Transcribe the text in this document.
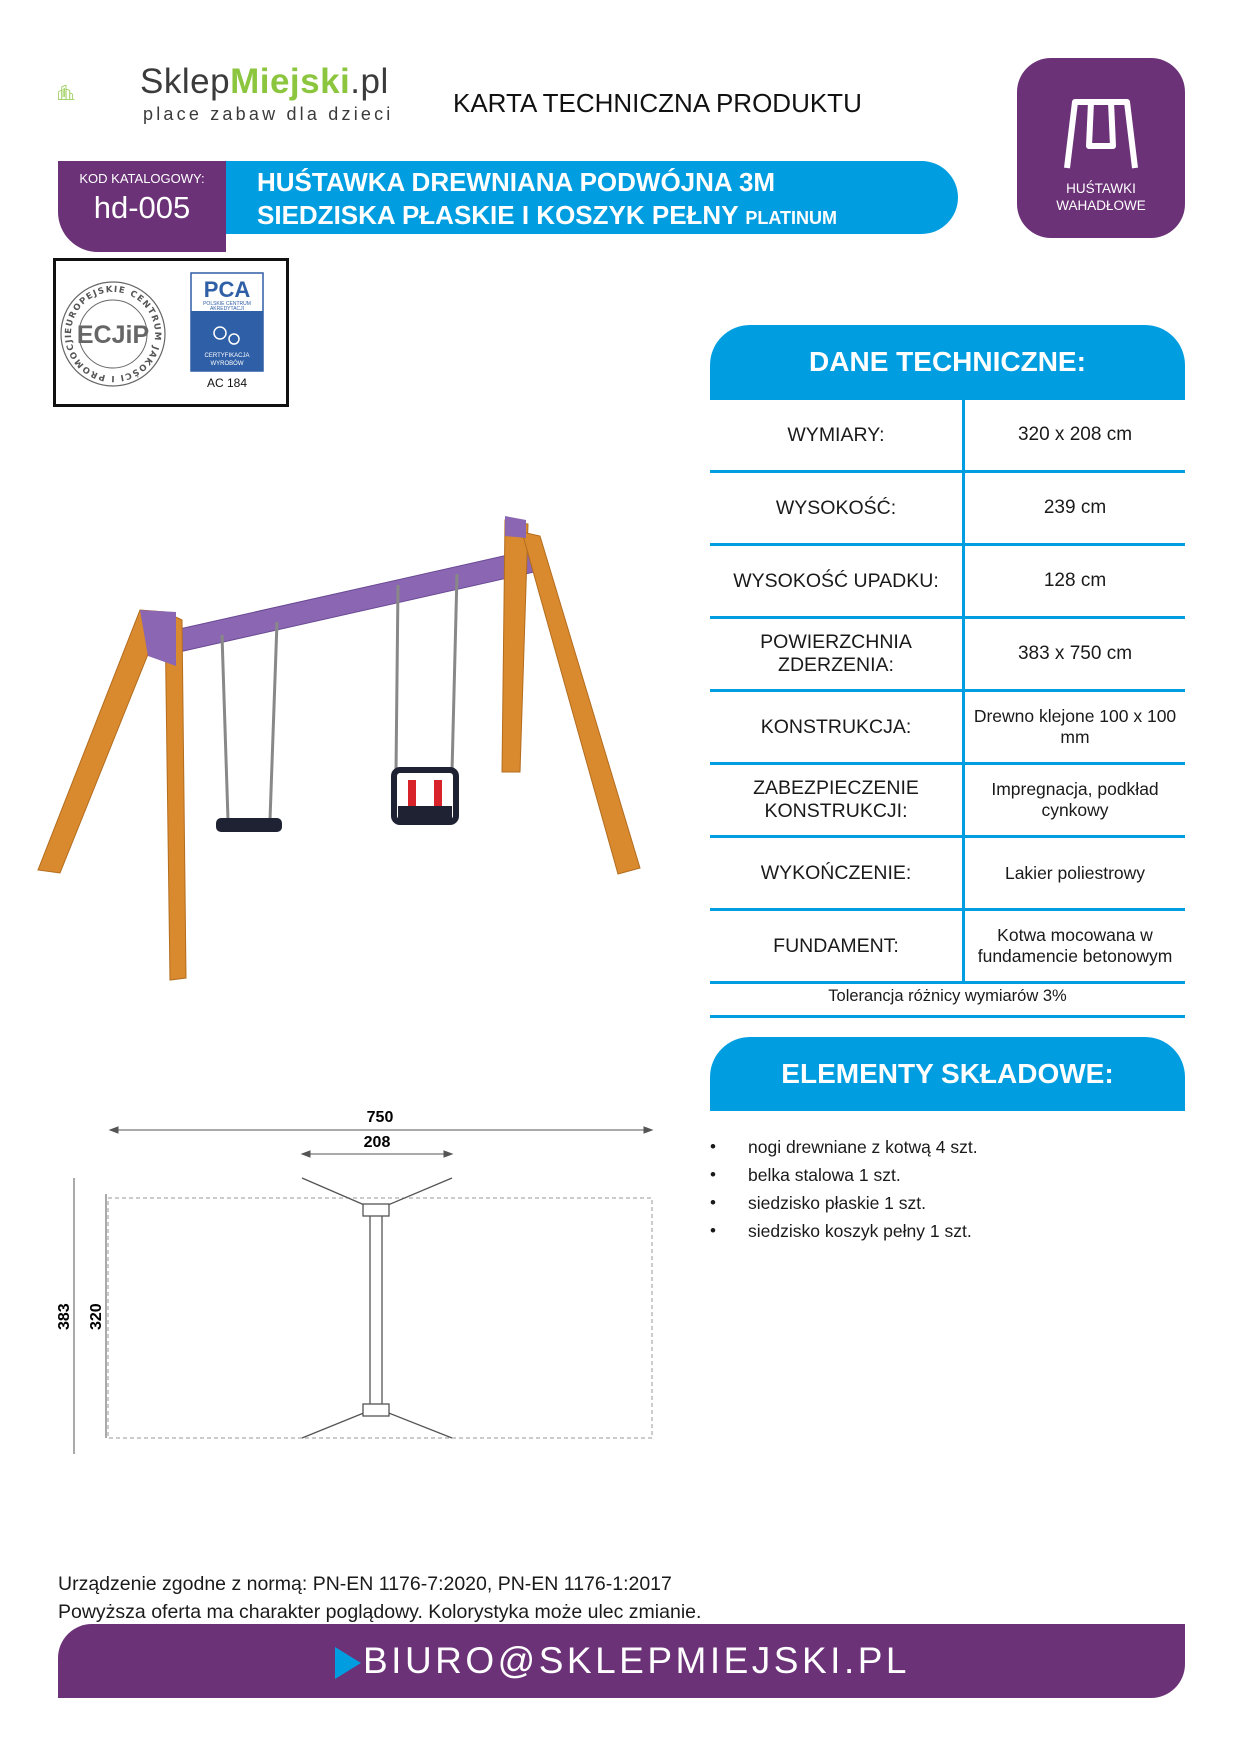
SklepMiejski.pl
place zabaw dla dzieci KARTA TECHNICZNA PRODUKTU
HUŚTAWKI
WAHADŁOWE
KOD KATALOGOWY:
hd-005
HUŚTAWKA DREWNIANA PODWÓJNA 3M
SIEDZISKA PŁASKIE I KOSZYK PEŁNY PLATINUM
EUROPEJSKIE CENTRUM JAKOŚCI I PROMOCJI ECJiP
PCA
POLSKIE CENTRUM
AKREDYTACJI
CERTYFIKACJA
WYROBÓW
AC 184
750
208
383 320
DANE TECHNICZNE:
WYMIARY:	320 x 208 cm
WYSOKOŚĆ:	239 cm
WYSOKOŚĆ UPADKU:	128 cm
POWIERZCHNIA ZDERZENIA:	383 x 750 cm
KONSTRUKCJA:	Drewno klejone 100 x 100 mm
ZABEZPIECZENIE KONSTRUKCJI:	Impregnacja, podkład cynkowy
WYKOŃCZENIE:	Lakier poliestrowy
FUNDAMENT:	Kotwa mocowana w fundamencie betonowym
Tolerancja różnicy wymiarów 3%
ELEMENTY SKŁADOWE:
• nogi drewniane z kotwą 4 szt.
• belka stalowa 1 szt.
• siedzisko płaskie 1 szt.
• siedzisko koszyk pełny 1 szt.
Urządzenie zgodne z normą: PN-EN 1176-7:2020, PN-EN 1176-1:2017
Powyższa oferta ma charakter poglądowy. Kolorystyka może ulec zmianie.
BIURO@SKLEPMIEJSKI.PL
